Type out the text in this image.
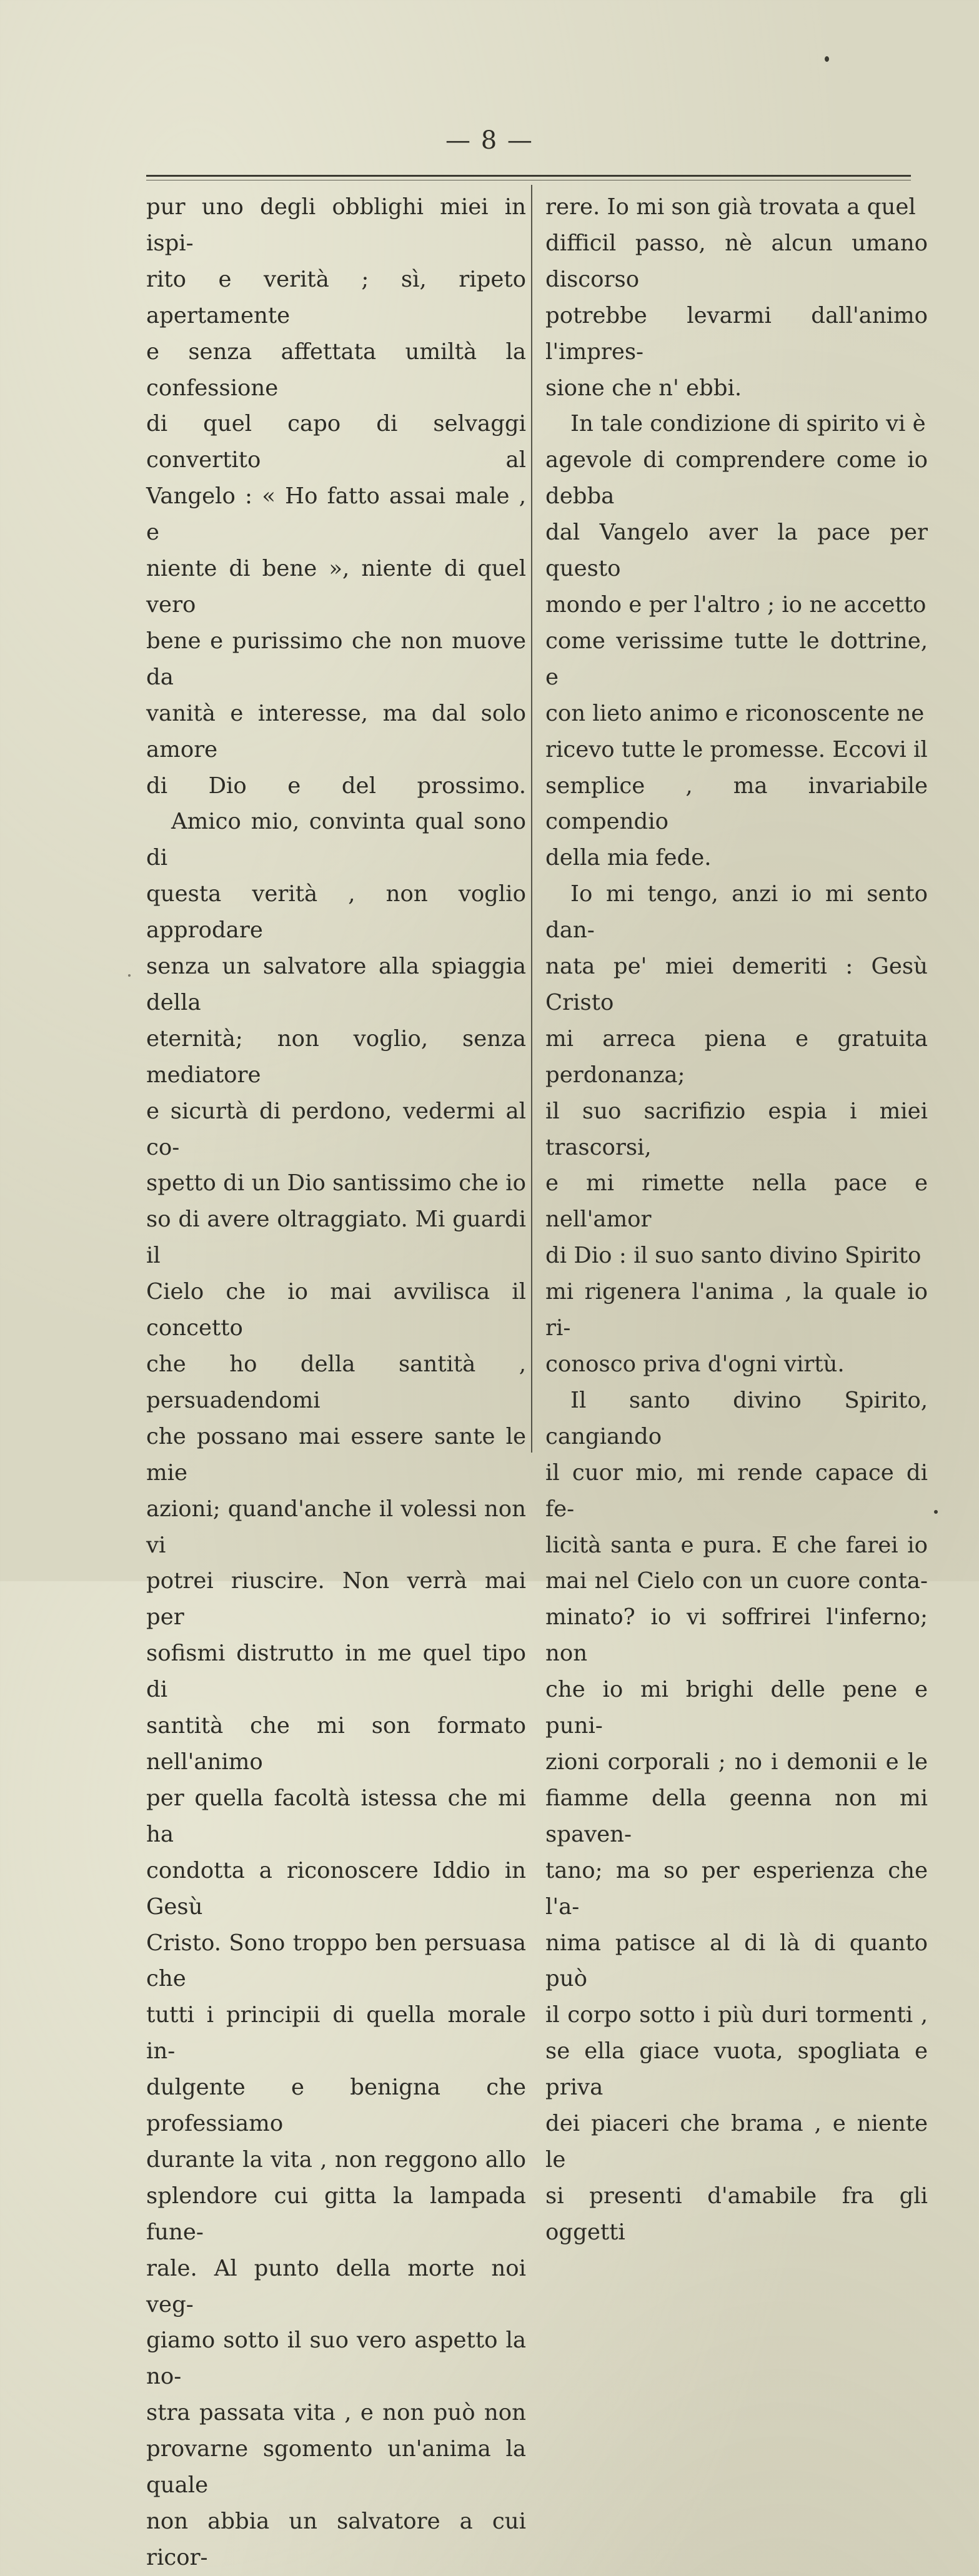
— 8 —

pur uno degli obblighi miei in ispi-
rito e verità ; sì, ripeto apertamente
e senza affettata umiltà la confessione
di quel capo di selvaggi convertito al
Vangelo : « Ho fatto assai male , e
niente di bene », niente di quel vero
bene e purissimo che non muove da
vanità e interesse, ma dal solo amore
di Dio e del prossimo.

Amico mio, convinta qual sono di
questa verità , non voglio approdare
senza un salvatore alla spiaggia della
eternità; non voglio, senza mediatore
e sicurtà di perdono, vedermi al co-
spetto di un Dio santissimo che io
so di avere oltraggiato. Mi guardi il
Cielo che io mai avvilisca il concetto
che ho della santità , persuadendomi
che possano mai essere sante le mie
azioni; quand'anche il volessi non vi
potrei riuscire. Non verrà mai per
sofismi distrutto in me quel tipo di
santità che mi son formato nell'animo
per quella facoltà istessa che mi ha
condotta a riconoscere Iddio in Gesù
Cristo. Sono troppo ben persuasa che
tutti i principii di quella morale in-
dulgente e benigna che professiamo
durante la vita , non reggono allo
splendore cui gitta la lampada fune-
rale. Al punto della morte noi veg-
giamo sotto il suo vero aspetto la no-
stra passata vita , e non può non
provarne sgomento un'anima la quale
non abbia un salvatore a cui ricor-

rere. Io mi son già trovata a quel
difficil passo, nè alcun umano discorso
potrebbe levarmi dall'animo l'impres-
sione che n' ebbi.

In tale condizione di spirito vi è
agevole di comprendere come io debba
dal Vangelo aver la pace per questo
mondo e per l'altro ; io ne accetto
come verissime tutte le dottrine, e
con lieto animo e riconoscente ne
ricevo tutte le promesse. Eccovi il
semplice , ma invariabile compendio
della mia fede.

Io mi tengo, anzi io mi sento dan-
nata pe' miei demeriti : Gesù Cristo
mi arreca piena e gratuita perdonanza;
il suo sacrifizio espia i miei trascorsi,
e mi rimette nella pace e nell'amor
di Dio : il suo santo divino Spirito
mi rigenera l'anima , la quale io ri-
conosco priva d'ogni virtù.

Il santo divino Spirito, cangiando
il cuor mio, mi rende capace di fe-
licità santa e pura. E che farei io
mai nel Cielo con un cuore conta-
minato? io vi soffrirei l'inferno; non
che io mi brighi delle pene e puni-
zioni corporali ; no i demonii e le
fiamme della geenna non mi spaven-
tano; ma so per esperienza che l'a-
nima patisce al di là di quanto può
il corpo sotto i più duri tormenti ,
se ella giace vuota, spogliata e priva
dei piaceri che brama , e niente le
si presenti d'amabile fra gli oggetti
